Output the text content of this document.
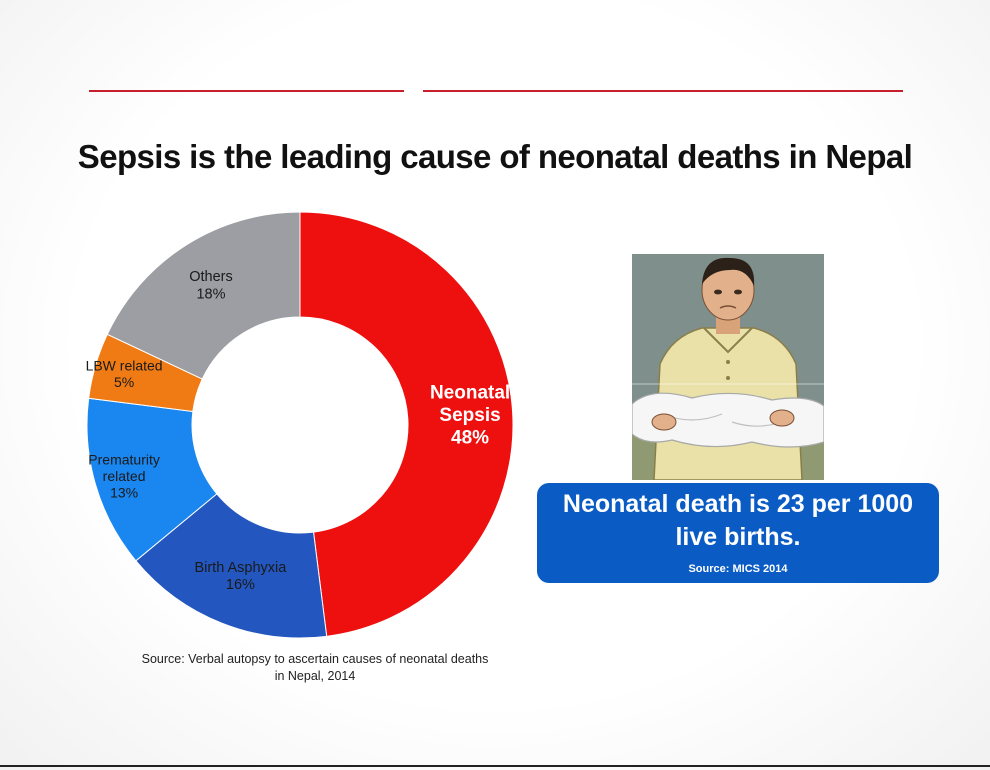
Sepsis is the leading cause of neonatal deaths in Nepal
Neonatal Sepsis 48%
Birth Asphyxia 16%
Prematurity related 13%
LBW related 5%
Others 18%
Source: Verbal autopsy to ascertain causes of neonatal deaths in Nepal, 2014
Neonatal death is 23 per 1000 live births.
Source: MICS 2014
